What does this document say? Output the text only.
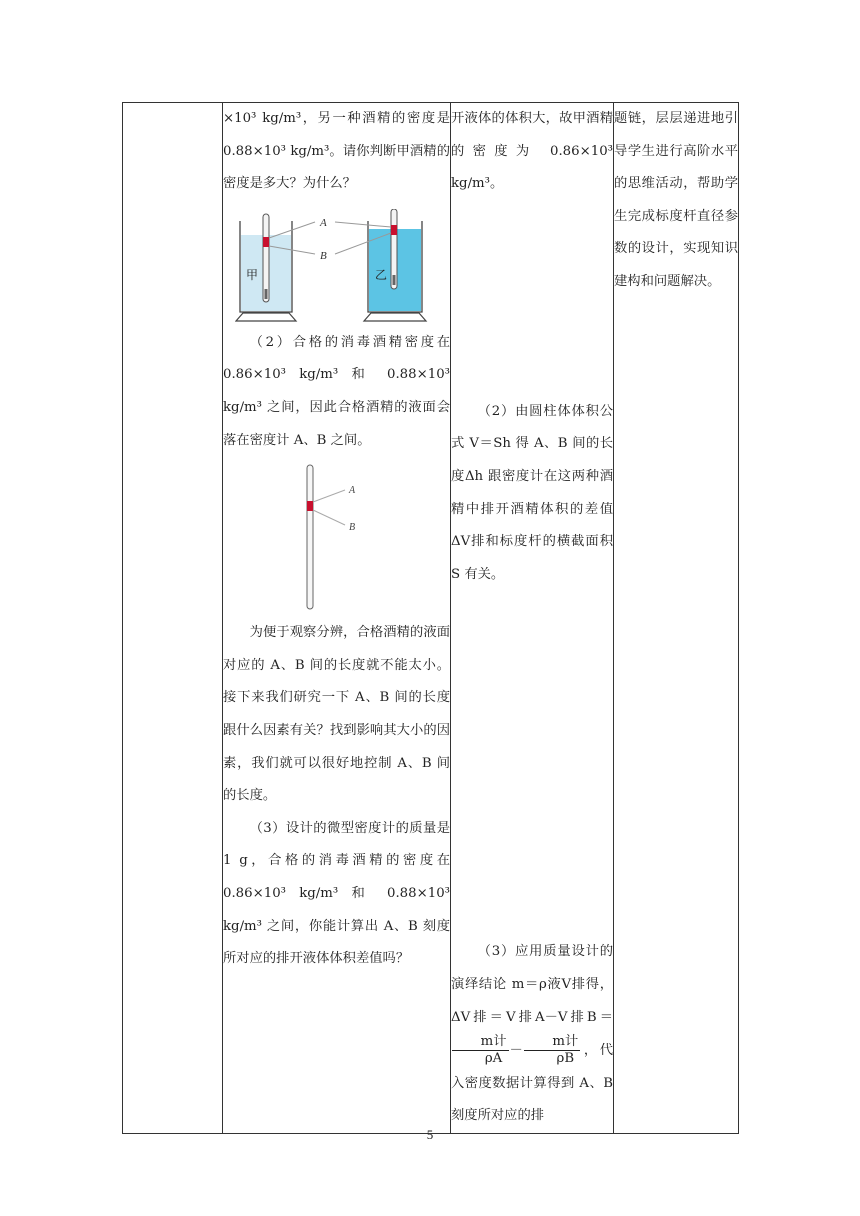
×10³ kg/m³，另一种酒精的密度是 0.88×10³ kg/m³。请你判断甲酒精的密度是多大？为什么？

甲	乙
A
B

（2）合格的消毒酒精密度在 0.86×10³ kg/m³ 和 0.88×10³ kg/m³ 之间，因此合格酒精的液面会落在密度计 A、B 之间。

A
B

为便于观察分辨，合格酒精的液面对应的 A、B 间的长度就不能太小。接下来我们研究一下 A、B 间的长度跟什么因素有关？找到影响其大小的因素，我们就可以很好地控制 A、B 间的长度。

（3）设计的微型密度计的质量是 1 g，合格的消毒酒精的密度在 0.86×10³ kg/m³ 和 0.88×10³ kg/m³ 之间，你能计算出 A、B 刻度所对应的排开液体体积差值吗？

开液体的体积大，故甲酒精的密度为 0.86×10³ kg/m³。

（2）由圆柱体体积公式 V＝Sh 得 A、B 间的长度Δh 跟密度计在这两种酒精中排开酒精体积的差值ΔV排和标度杆的横截面积 S 有关。

（3）应用质量设计的演绎结论 m＝ρ液V排得，ΔV排＝V排A－V排B＝
$\frac{\text{m计}}{\rho A} - \frac{\text{m计}}{\rho B}$ ，代入密度数据计算得到 A、B 刻度所对应的排

题链，层层递进地引导学生进行高阶水平的思维活动，帮助学生完成标度杆直径参数的设计，实现知识建构和问题解决。

5
